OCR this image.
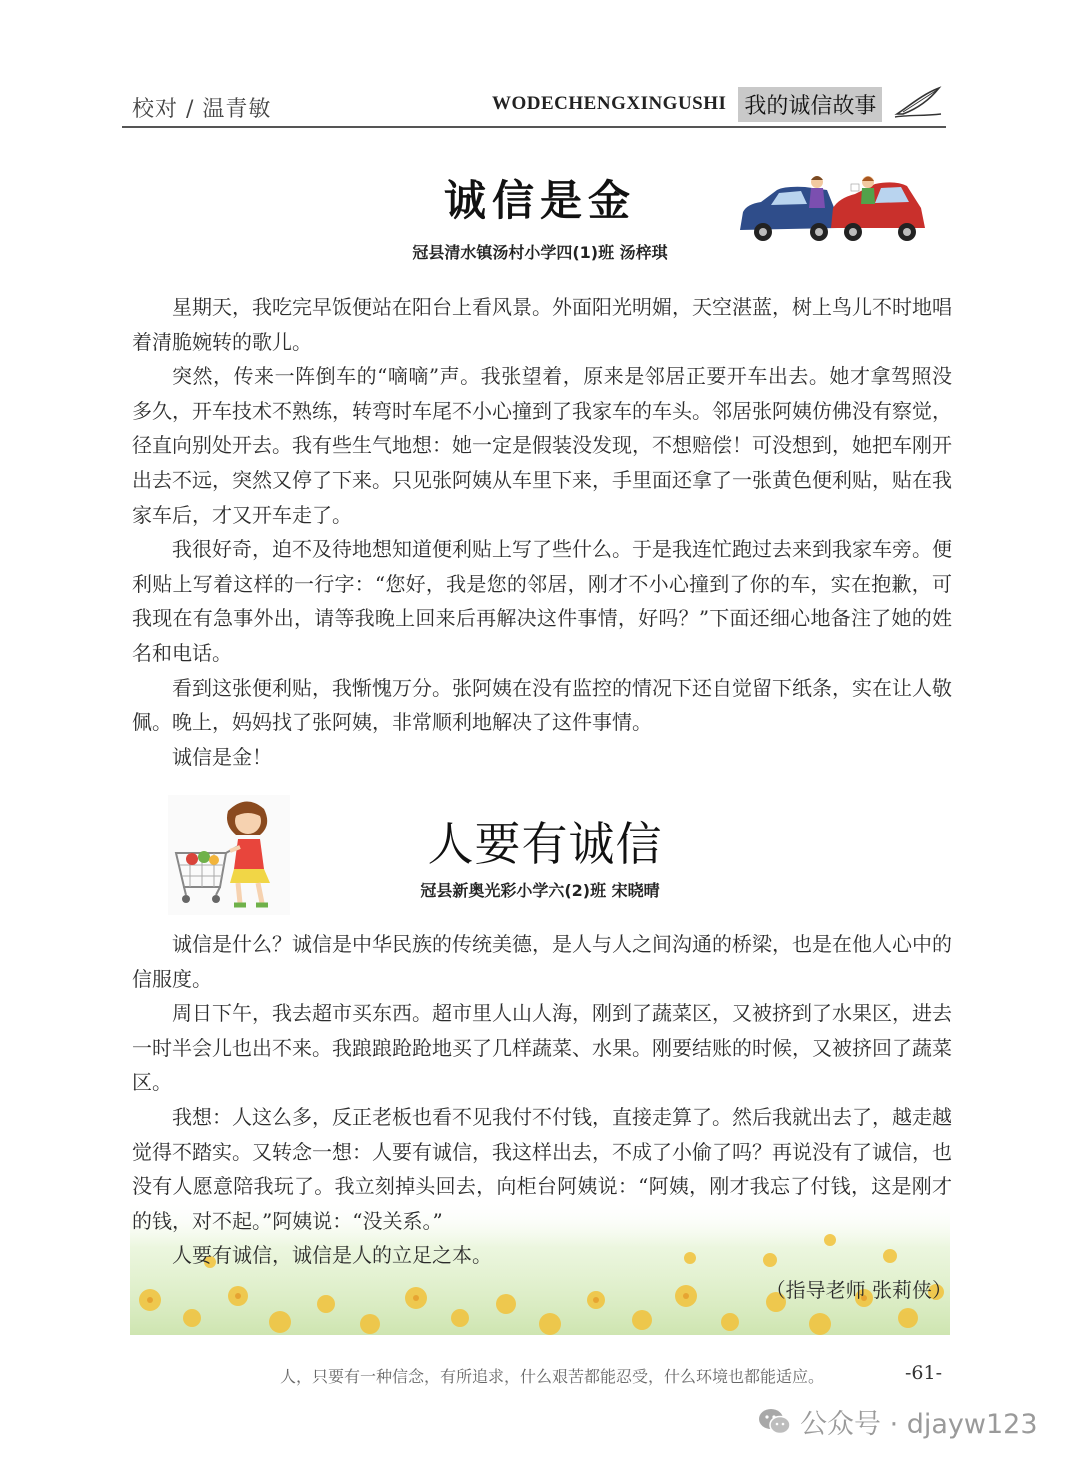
校对 / 温青敏	WODECHENGXINGUSHI 我的诚信故事
诚信是金
冠县清水镇汤村小学四(1)班 汤梓琪

星期天，我吃完早饭便站在阳台上看风景。外面阳光明媚，天空湛蓝，树上鸟儿不时地唱着清脆婉转的歌儿。

突然，传来一阵倒车的“嘀嘀”声。我张望着，原来是邻居正要开车出去。她才拿驾照没多久，开车技术不熟练，转弯时车尾不小心撞到了我家车的车头。邻居张阿姨仿佛没有察觉，径直向别处开去。我有些生气地想：她一定是假装没发现，不想赔偿！可没想到，她把车刚开出去不远，突然又停了下来。只见张阿姨从车里下来，手里面还拿了一张黄色便利贴，贴在我家车后，才又开车走了。

我很好奇，迫不及待地想知道便利贴上写了些什么。于是我连忙跑过去来到我家车旁。便利贴上写着这样的一行字：“您好，我是您的邻居，刚才不小心撞到了你的车，实在抱歉，可我现在有急事外出，请等我晚上回来后再解决这件事情，好吗？”下面还细心地备注了她的姓名和电话。

看到这张便利贴，我惭愧万分。张阿姨在没有监控的情况下还自觉留下纸条，实在让人敬佩。晚上，妈妈找了张阿姨，非常顺利地解决了这件事情。

诚信是金！

人要有诚信
冠县新奥光彩小学六(2)班 宋晓晴

诚信是什么？诚信是中华民族的传统美德，是人与人之间沟通的桥梁，也是在他人心中的信服度。

周日下午，我去超市买东西。超市里人山人海，刚到了蔬菜区，又被挤到了水果区，进去一时半会儿也出不来。我踉踉跄跄地买了几样蔬菜、水果。刚要结账的时候，又被挤回了蔬菜区。

我想：人这么多，反正老板也看不见我付不付钱，直接走算了。然后我就出去了，越走越觉得不踏实。又转念一想：人要有诚信，我这样出去，不成了小偷了吗？再说没有了诚信，也没有人愿意陪我玩了。我立刻掉头回去，向柜台阿姨说：“阿姨，刚才我忘了付钱，这是刚才的钱，对不起。”阿姨说：“没关系。”

人要有诚信，诚信是人的立足之本。

（指导老师 张莉侠）
人，只要有一种信念，有所追求，什么艰苦都能忍受，什么环境也都能适应。	-61-
公众号 · djayw123
